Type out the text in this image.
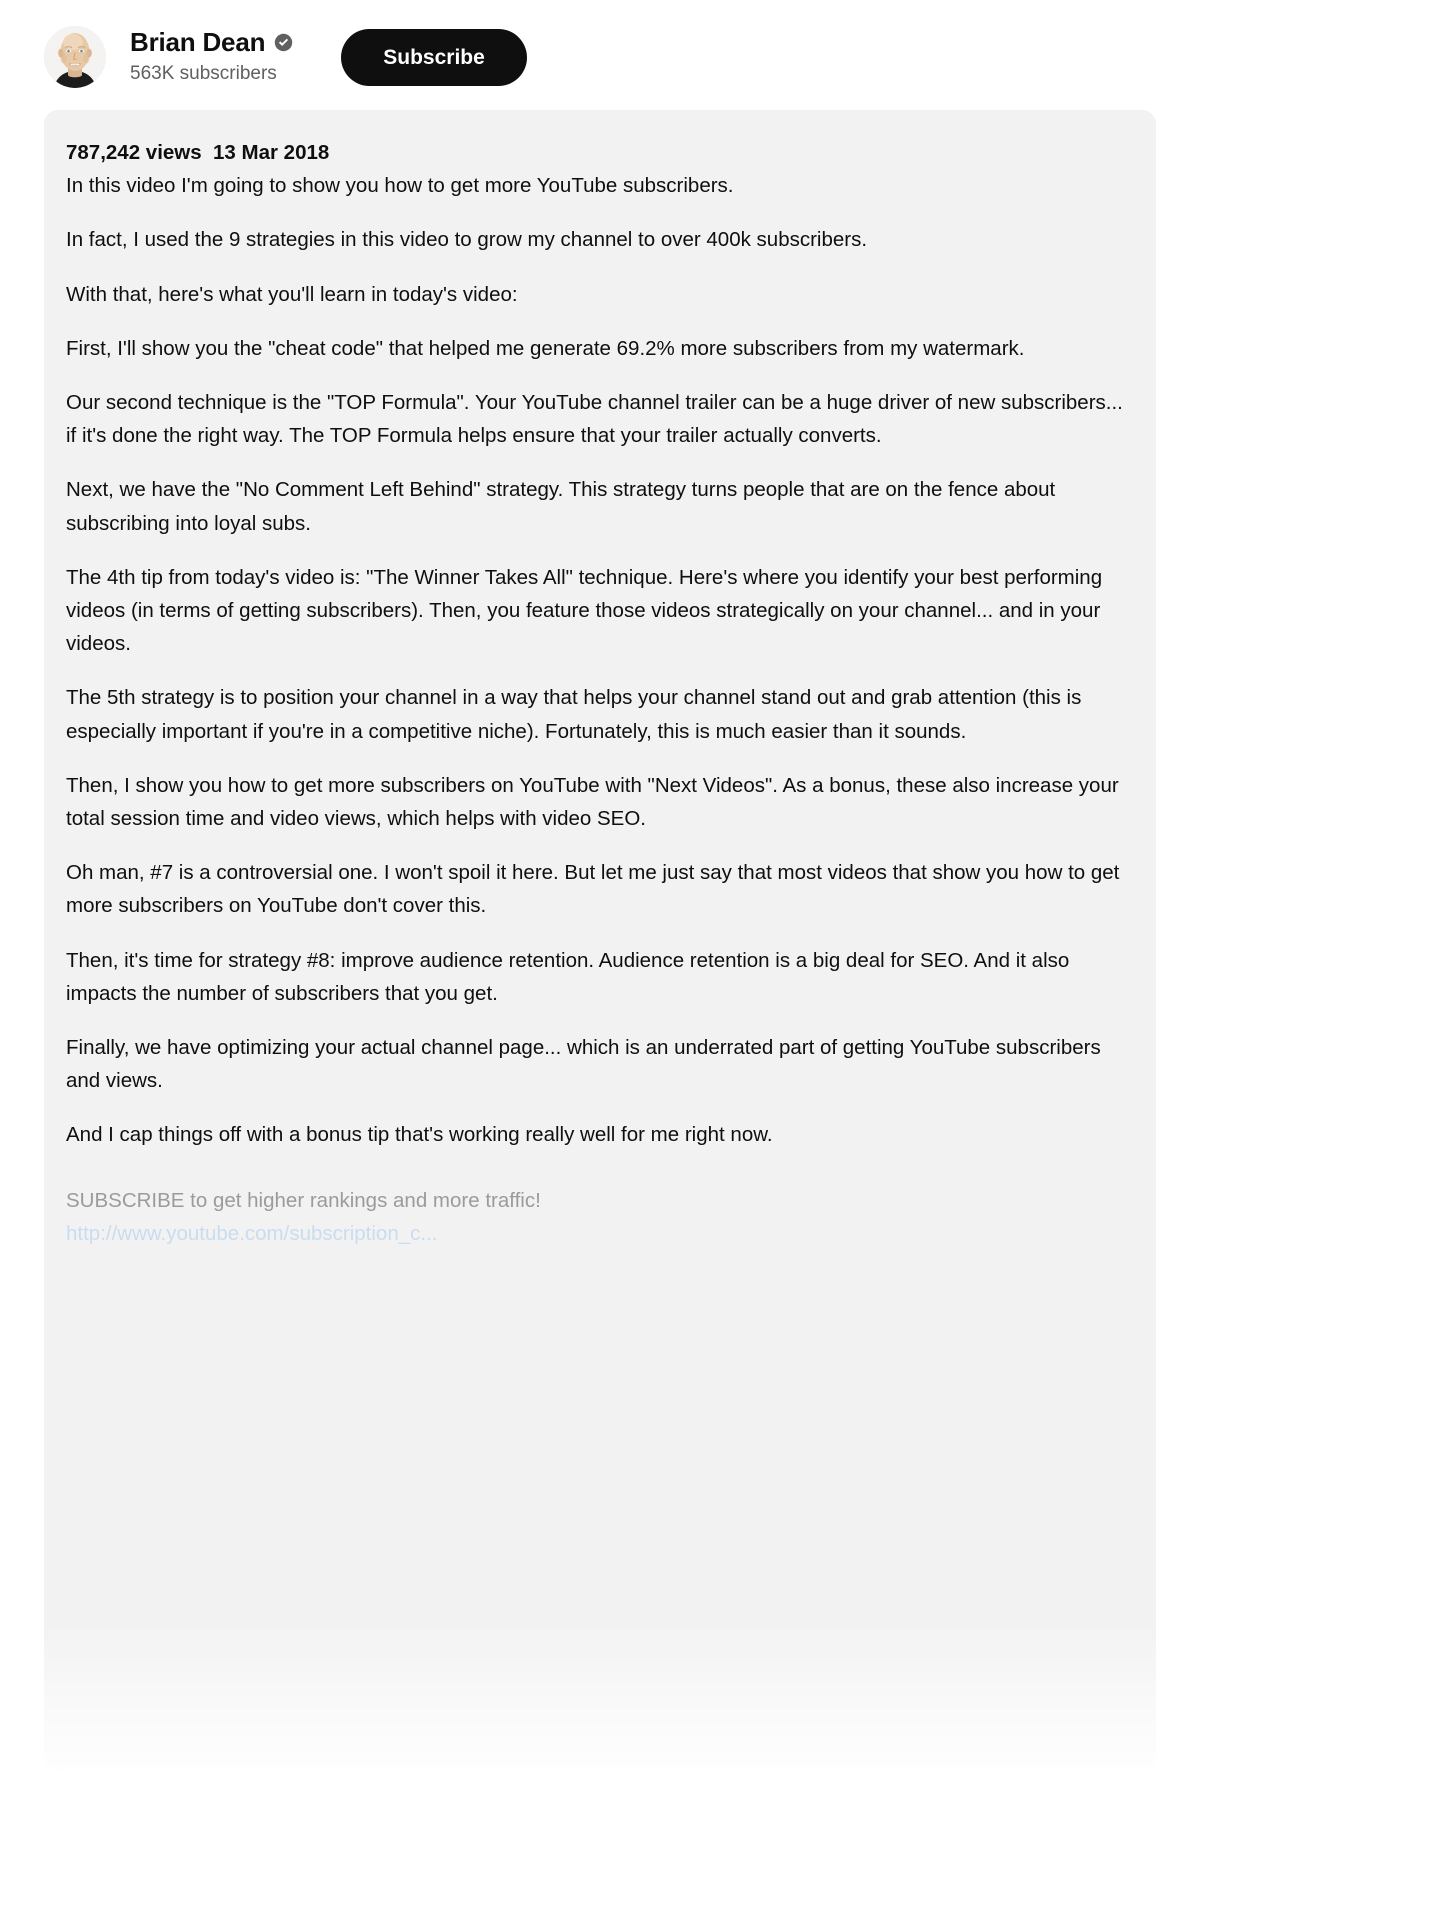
Brian Dean
563K subscribers
Subscribe
787,242 views  13 Mar 2018

In this video I'm going to show you how to get more YouTube subscribers.

In fact, I used the 9 strategies in this video to grow my channel to over 400k subscribers.

With that, here's what you'll learn in today's video:

First, I'll show you the "cheat code" that helped me generate 69.2% more subscribers from my watermark.

Our second technique is the "TOP Formula". Your YouTube channel trailer can be a huge driver of new subscribers... if it's done the right way. The TOP Formula helps ensure that your trailer actually converts.

Next, we have the "No Comment Left Behind" strategy. This strategy turns people that are on the fence about subscribing into loyal subs.

The 4th tip from today's video is: "The Winner Takes All" technique. Here's where you identify your best performing videos (in terms of getting subscribers). Then, you feature those videos strategically on your channel... and in your videos.

The 5th strategy is to position your channel in a way that helps your channel stand out and grab attention (this is especially important if you're in a competitive niche). Fortunately, this is much easier than it sounds.

Then, I show you how to get more subscribers on YouTube with "Next Videos". As a bonus, these also increase your total session time and video views, which helps with video SEO.

Oh man, #7 is a controversial one. I won't spoil it here. But let me just say that most videos that show you how to get more subscribers on YouTube don't cover this.

Then, it's time for strategy #8: improve audience retention. Audience retention is a big deal for SEO. And it also impacts the number of subscribers that you get.

Finally, we have optimizing your actual channel page... which is an underrated part of getting YouTube subscribers and views.

And I cap things off with a bonus tip that's working really well for me right now.

SUBSCRIBE to get higher rankings and more traffic!

http://www.youtube.com/subscription_c...
